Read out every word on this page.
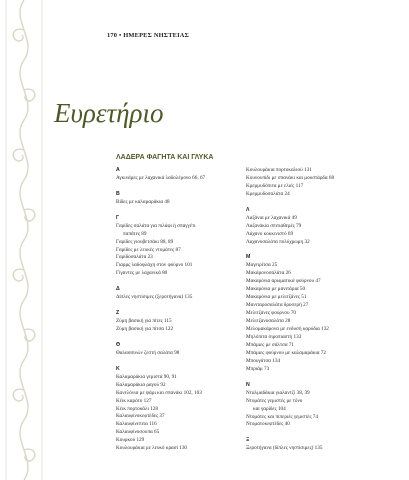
170 • ΗΜΕΡΕΣ ΝΗΣΤΕΙΑΣ
Ευρετήριο
ΛΑΔΕΡΑ ΦΑΓΗΤΑ ΚΑΙ ΓΛΥΚΑ
Α
Αγκινάρες με λαχανικά λαδολέμονο 66, 67
Β
Βίδες με καλαμαράκια 48
Γ
Γαρίδες σαλάτα για πιλάφι ή σπαγγέτι
παπάτες 89
Γαρίδες γιουβετσάκι 88, 89
Γαρίδες με λευκές ντομάτες 87
Γαρίδοσαλάτα 23
Γιαρμς λαδοφλάχη στον φούρνο 101
Γίγαντες με λαχανικά 80
Δ
Δίπλες νηστίσιμες (ξεροτήγανα) 135
Ζ
Ζύμη βασική για πίτες 115
Ζύμη βασική για πίτσα 122
Θ
Θαλασσινών ζεστή σαλάτα 98
Κ
Καλαμαράκια γεμιστά 90, 91
Καλαμαράκια ραγού 92
Κανελόνια με ψάρι και σπανάκι 102, 103
Κέικ καρότο 127
Κέικ πορτοκάλι 128
Καλαυφινοκεφτέδες 37
Καλαυφίνεπιτα 116
Καλαυφίνοσουπα 65
Κουρκού 129
Κουλουράκια με λευκό κρασί 130
Κουλουράκια πορτοκαλιού 131
Κουνουπίδι με σπανάκι και μουστάρδα 68
Κρεμμυδόπιτα με ελιές 117
Κρεμμυδοσαλάτα 24
Λ
Λαζάνια με λαχανικά 49
Λαζανάκια σπιτιαθερές 79
Λάχανο κοκκινιστό 69
Λαχανοσαλάτα πολύχρωμη 32
Μ
Μαγειρίτσα 25
Μακάρονοσαλάτα 26
Μακαρόνια αρωματικά φούρνου 47
Μακαρόνια με μανιτάρια 50
Μακαρόνια με μελιτζάνες 51
Μανιταροσαλάτα δροσερή 27
Μελιτζάνες φούρνου 70
Μελιτζανοσαλάτα 28
Μελομακάρονα με ενδυσή καρύδια 132
Μηλόπιτα σιροπιαστή 133
Μπάμιες με σάλτσα 71
Μπάμιες φούρνου με καλαμαράκια 72
Μπουγάτσα 134
Μπριάμ 73
Ν
Νταλμαδάκια γιαλαντζί 38, 39
Ντομάτες γεμιστές με τόνο
και γαρίδες 104
Ντομάτες και πιπεριές γεμιστές 74
Ντοματοκεφτέδες 40
Ξ
Ξεροτήγανα (δίπλες νηστίσιμες) 135
